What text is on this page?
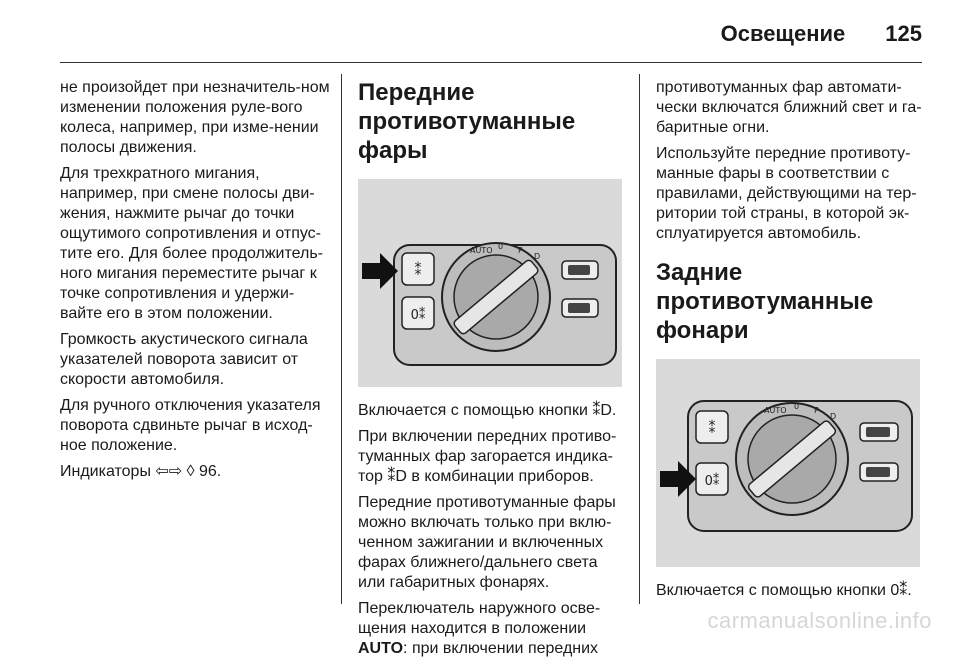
Освещение 125

не произойдет при незначитель-ном изменении положения руле-вого колеса, например, при изме-нении полосы движения.

Для трехкратного мигания, например, при смене полосы дви-жения, нажмите рычаг до точки ощутимого сопротивления и отпус-тите его. Для более продолжитель-ного мигания переместите рычаг к точке сопротивления и удержи-вайте его в этом положении.

Громкость акустического сигнала указателей поворота зависит от скорости автомобиля.

Для ручного отключения указателя поворота сдвиньте рычаг в исход-ное положение.

Индикаторы ⇦⇨ ◊ 96.

Передние противотуманные фары
⁑
0⁑
AUTO 0 P
D

Включается с помощью кнопки ⁑D.

При включении передних противо-туманных фар загорается индика-тор ⁑D в комбинации приборов.

Передние противотуманные фары можно включать только при вклю-ченном зажигании и включенных фарах ближнего/дальнего света или габаритных фонарях.

Переключатель наружного осве-щения находится в положении
AUTO: при включении передних

противотуманных фар автомати-чески включатся ближний свет и га-баритные огни.

Используйте передние противоту-манные фары в соответствии с правилами, действующими на тер-ритории той страны, в которой эк-сплуатируется автомобиль.

Задние противотуманные фонари
⁑
0⁑
AUTO 0 P
D

Включается с помощью кнопки 0⁑.

carmanualsonline.info
